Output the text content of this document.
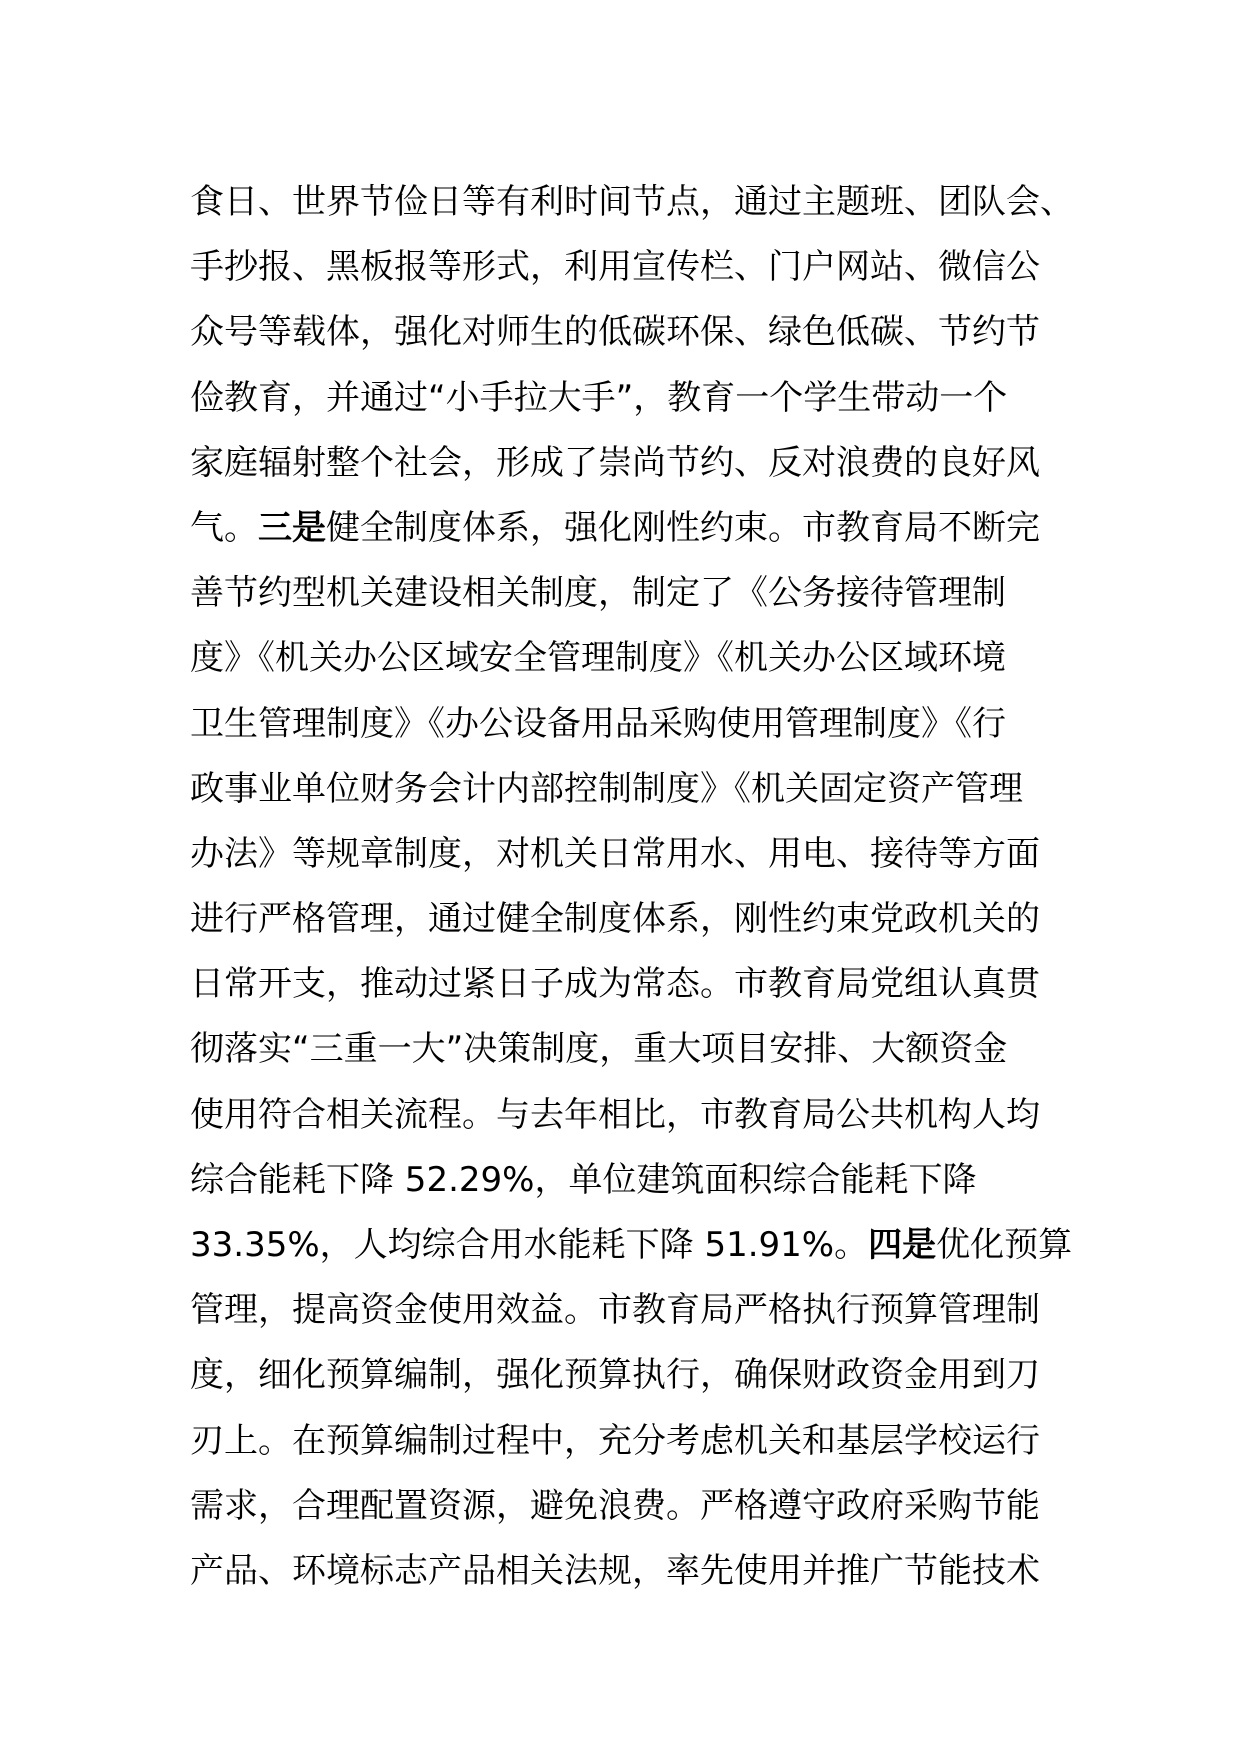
食日、世界节俭日等有利时间节点，通过主题班、团队会、
手抄报、黑板报等形式，利用宣传栏、门户网站、微信公
众号等载体，强化对师生的低碳环保、绿色低碳、节约节
俭教育，并通过“小手拉大手”，教育一个学生带动一个
家庭辐射整个社会，形成了崇尚节约、反对浪费的良好风
气。三是健全制度体系，强化刚性约束。市教育局不断完
善节约型机关建设相关制度，制定了《公务接待管理制
度》《机关办公区域安全管理制度》《机关办公区域环境
卫生管理制度》《办公设备用品采购使用管理制度》《行
政事业单位财务会计内部控制制度》《机关固定资产管理
办法》等规章制度，对机关日常用水、用电、接待等方面
进行严格管理，通过健全制度体系，刚性约束党政机关的
日常开支，推动过紧日子成为常态。市教育局党组认真贯
彻落实“三重一大”决策制度，重大项目安排、大额资金
使用符合相关流程。与去年相比，市教育局公共机构人均
综合能耗下降 52.29%，单位建筑面积综合能耗下降
33.35%，人均综合用水能耗下降 51.91%。四是优化预算
管理，提高资金使用效益。市教育局严格执行预算管理制
度，细化预算编制，强化预算执行，确保财政资金用到刀
刃上。在预算编制过程中，充分考虑机关和基层学校运行
需求，合理配置资源，避免浪费。严格遵守政府采购节能
产品、环境标志产品相关法规，率先使用并推广节能技术
